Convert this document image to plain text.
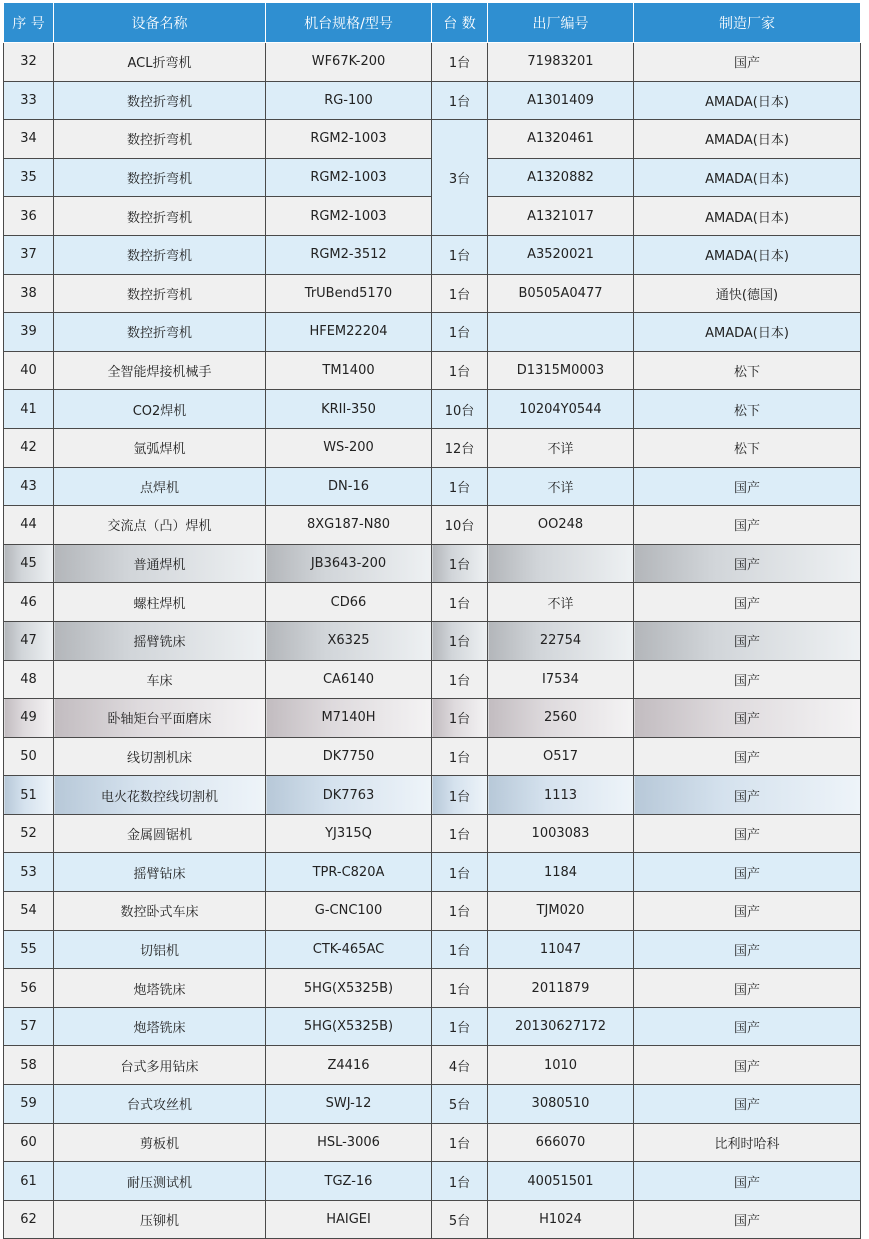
序 号	设备名称	机台规格/型号	台 数	出厂编号	制造厂家
32	ACL折弯机	WF67K-200	1台	71983201	国产
33	数控折弯机	RG-100	1台	A1301409	AMADA(日本)
34	数控折弯机	RGM2-1003	3台	A1320461	AMADA(日本)
35	数控折弯机	RGM2-1003		A1320882	AMADA(日本)
36	数控折弯机	RGM2-1003		A1321017	AMADA(日本)
37	数控折弯机	RGM2-3512	1台	A3520021	AMADA(日本)
38	数控折弯机	TrUBend5170	1台	B0505A0477	通快(德国)
39	数控折弯机	HFEM22204	1台		AMADA(日本)
40	全智能焊接机械手	TM1400	1台	D1315M0003	松下
41	CO2焊机	KRII-350	10台	10204Y0544	松下
42	氩弧焊机	WS-200	12台	不详	松下
43	点焊机	DN-16	1台	不详	国产
44	交流点（凸）焊机	8XG187-N80	10台	OO248	国产
45	普通焊机	JB3643-200	1台		国产
46	螺柱焊机	CD66	1台	不详	国产
47	摇臂铣床	X6325	1台	22754	国产
48	车床	CA6140	1台	I7534	国产
49	卧轴矩台平面磨床	M7140H	1台	2560	国产
50	线切割机床	DK7750	1台	O517	国产
51	电火花数控线切割机	DK7763	1台	1113	国产
52	金属圆锯机	YJ315Q	1台	1003083	国产
53	摇臂钻床	TPR-C820A	1台	1184	国产
54	数控卧式车床	G-CNC100	1台	TJM020	国产
55	切铝机	CTK-465AC	1台	11047	国产
56	炮塔铣床	5HG(X5325B)	1台	2011879	国产
57	炮塔铣床	5HG(X5325B)	1台	20130627172	国产
58	台式多用钻床	Z4416	4台	1010	国产
59	台式攻丝机	SWJ-12	5台	3080510	国产
60	剪板机	HSL-3006	1台	666070	比利时哈科
61	耐压测试机	TGZ-16	1台	40051501	国产
62	压铆机	HAIGEI	5台	H1024	国产
